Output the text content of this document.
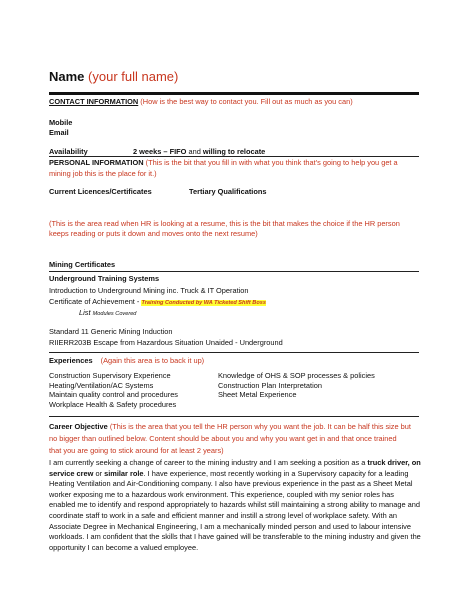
Name (your full name)
CONTACT INFORMATION (How is the best way to contact you. Fill out as much as you can)
Mobile
Email
Availability	2 weeks – FIFO and willing to relocate
PERSONAL INFORMATION (This is the bit that you fill in with what you think that's going to help you get a
mining job this is the place for it.)
Current Licences/Certificates	Tertiary Qualifications
(This is the area read when HR is looking at a resume, this is the bit that makes the choice if the HR person
keeps reading or puts it down and moves onto the next resume)
Mining Certificates
Underground Training Systems
Introduction to Underground Mining inc. Truck & IT Operation
Certificate of Achievement - Training Conducted by WA Ticketed Shift Boss
List Modules Covered
Standard 11 Generic Mining Induction
RIIERR203B Escape from Hazardous Situation Unaided - Underground
Experiences (Again this area is to back it up)
Construction Supervisory Experience
Heating/Ventilation/AC Systems
Maintain quality control and procedures
Workplace Health & Safety procedures
Knowledge of OHS & SOP processes & policies
Construction Plan Interpretation
Sheet Metal Experience
Career Objective (This is the area that you tell the HR person why you want the job. It can be half this size but
no bigger than outlined below. Content should be about you and why you want get in and that once trained
that you are going to stick around for at least 2 years)
I am currently seeking a change of career to the mining industry and I am seeking a position as a truck driver, on service crew or similar role. I have experience, most recently working in a Supervisory capacity for a leading Heating Ventilation and Air-Conditioning company. I also have previous experience in the past as a Sheet Metal worker exposing me to a hazardous work environment. This experience, coupled with my senior roles has enabled me to identify and respond appropriately to hazards whilst still maintaining a strong ability to manage and coordinate staff to work in a safe and efficient manner and instill a strong level of workplace safety. With an Associate Degree in Mechanical Engineering, I am a mechanically minded person and used to labour intensive workloads. I am confident that the skills that I have gained will be transferable to the mining industry and given the opportunity I can become a valued employee.
